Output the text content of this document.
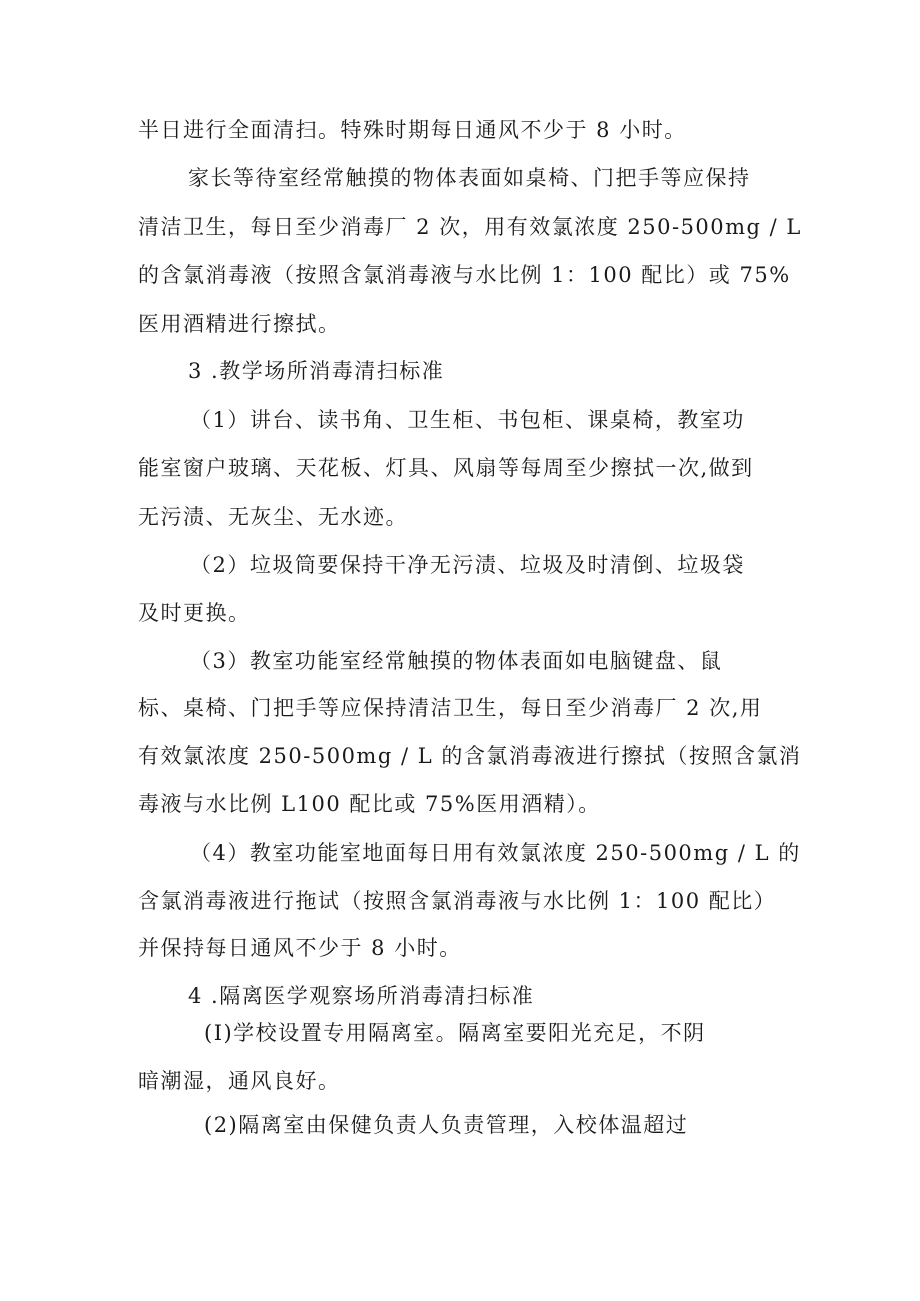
半日进行全面清扫。特殊时期每日通风不少于 8 小时。
家长等待室经常触摸的物体表面如桌椅、门把手等应保持
清洁卫生，每日至少消毒厂 2 次，用有效氯浓度 250-500mg / L
的含氯消毒液（按照含氯消毒液与水比例 1：100 配比）或 75%
医用酒精进行擦拭。
3 .教学场所消毒清扫标准
（1）讲台、读书角、卫生柜、书包柜、课桌椅，教室功
能室窗户玻璃、天花板、灯具、风扇等每周至少擦拭一次,做到
无污渍、无灰尘、无水迹。
（2）垃圾筒要保持干净无污渍、垃圾及时清倒、垃圾袋
及时更换。
（3）教室功能室经常触摸的物体表面如电脑键盘、鼠
标、桌椅、门把手等应保持清洁卫生，每日至少消毒厂 2 次,用
有效氯浓度 250-500mg / L 的含氯消毒液进行擦拭（按照含氯消
毒液与水比例 L100 配比或 75%医用酒精）。
（4）教室功能室地面每日用有效氯浓度 250-500mg / L 的
含氯消毒液进行拖试（按照含氯消毒液与水比例 1：100 配比）
并保持每日通风不少于 8 小时。
4 .隔离医学观察场所消毒清扫标准
(I)学校设置专用隔离室。隔离室要阳光充足，不阴
暗潮湿，通风良好。
(2)隔离室由保健负责人负责管理，入校体温超过
